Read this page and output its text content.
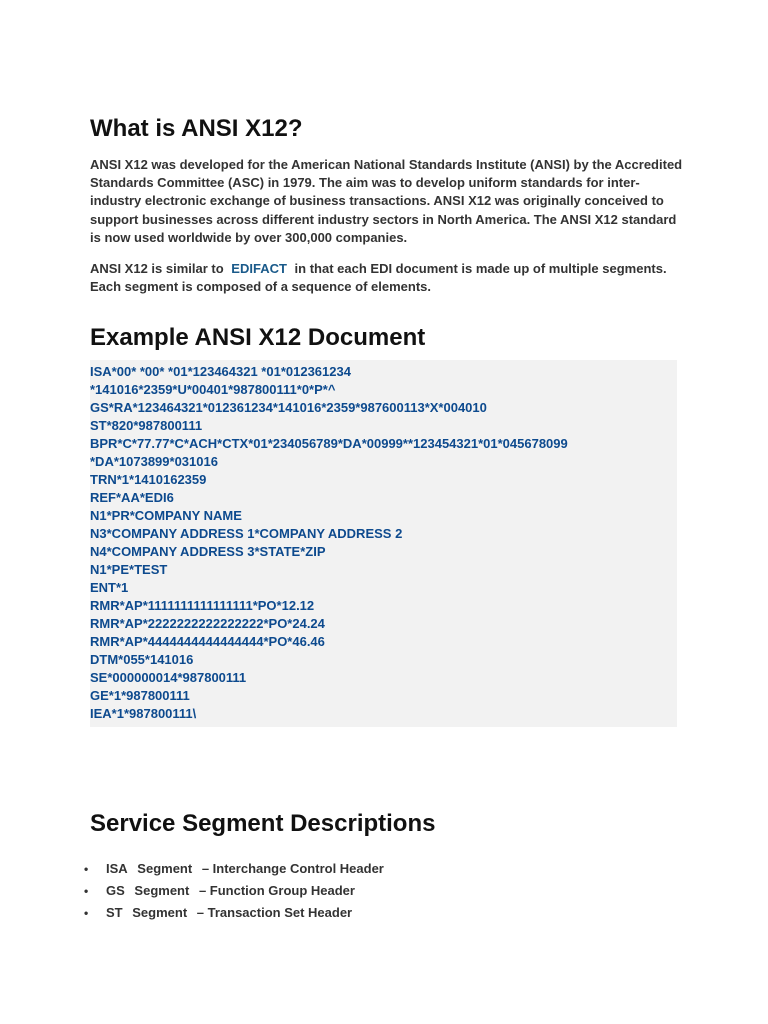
What is ANSI X12?

ANSI X12 was developed for the American National Standards Institute (ANSI) by the Accredited Standards Committee (ASC) in 1979. The aim was to develop uniform standards for inter-industry electronic exchange of business transactions. ANSI X12 was originally conceived to support businesses across different industry sectors in North America. The ANSI X12 standard is now used worldwide by over 300,000 companies.

ANSI X12 is similar to EDIFACT in that each EDI document is made up of multiple segments. Each segment is composed of a sequence of elements.

Example ANSI X12 Document
ISA*00* *00* *01*123464321 *01*012361234
*141016*2359*U*00401*987800111*0*P*^
GS*RA*123464321*012361234*141016*2359*987600113*X*004010
ST*820*987800111
BPR*C*77.77*C*ACH*CTX*01*234056789*DA*00999**123454321*01*045678099
*DA*1073899*031016
TRN*1*1410162359
REF*AA*EDI6
N1*PR*COMPANY NAME
N3*COMPANY ADDRESS 1*COMPANY ADDRESS 2
N4*COMPANY ADDRESS 3*STATE*ZIP
N1*PE*TEST
ENT*1
RMR*AP*1111111111111111*PO*12.12
RMR*AP*2222222222222222*PO*24.24
RMR*AP*4444444444444444*PO*46.46
DTM*055*141016
SE*000000014*987800111
GE*1*987800111
IEA*1*987800111\
Service Segment Descriptions
• ISA Segment – Interchange Control Header
• GS Segment – Function Group Header
• ST Segment – Transaction Set Header
